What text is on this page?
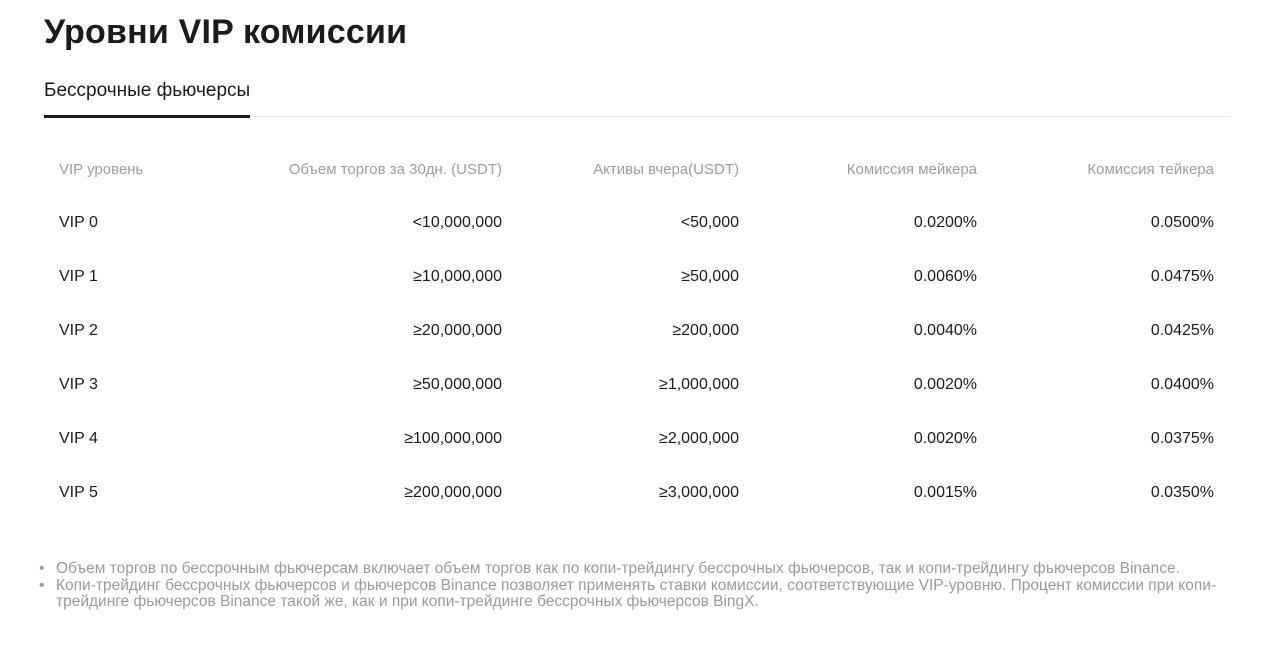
Уровни VIP комиссии
Бессрочные фьючерсы
VIP уровень	Объем торгов за 30дн. (USDT)	Активы вчера(USDT)	Комиссия мейкера	Комиссия тейкера
VIP 0	<10,000,000	<50,000	0.0200%	0.0500%
VIP 1	≥10,000,000	≥50,000	0.0060%	0.0475%
VIP 2	≥20,000,000	≥200,000	0.0040%	0.0425%
VIP 3	≥50,000,000	≥1,000,000	0.0020%	0.0400%
VIP 4	≥100,000,000	≥2,000,000	0.0020%	0.0375%
VIP 5	≥200,000,000	≥3,000,000	0.0015%	0.0350%
• Объем торгов по бессрочным фьючерсам включает объем торгов как по копи-трейдингу бессрочных фьючерсов, так и копи-трейдингу фьючерсов Binance.
• Копи-трейдинг бессрочных фьючерсов и фьючерсов Binance позволяет применять ставки комиссии, соответствующие VIP-уровню. Процент комиссии при копи-трейдинге фьючерсов Binance такой же, как и при копи-трейдинге бессрочных фьючерсов BingX.
